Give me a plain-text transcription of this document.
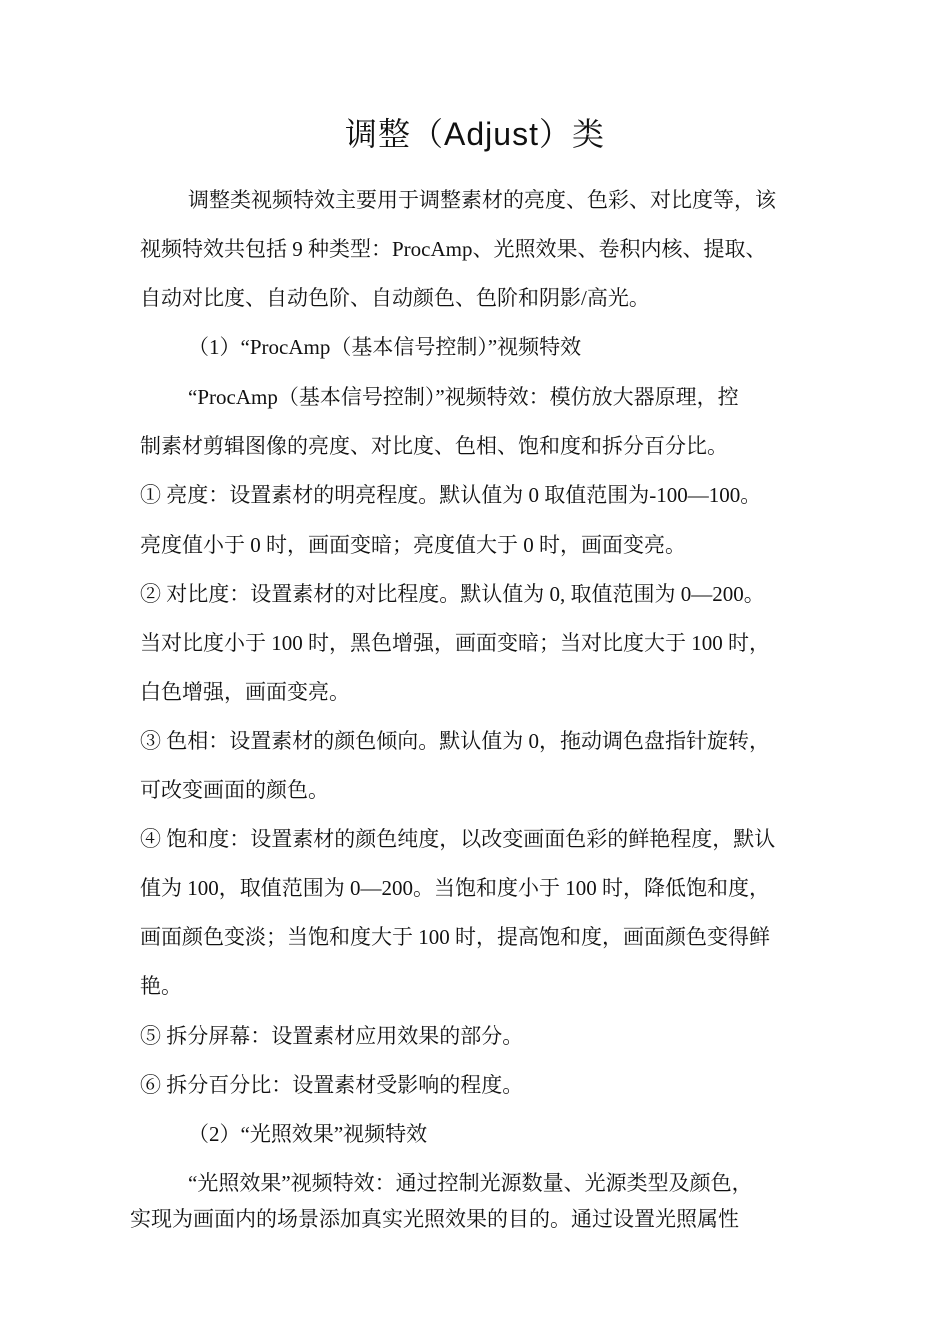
调整（Adjust）类
调整类视频特效主要用于调整素材的亮度、色彩、对比度等，该
视频特效共包括 9 种类型：ProcAmp、光照效果、卷积内核、提取、
自动对比度、自动色阶、自动颜色、色阶和阴影/高光。
（1）“ProcAmp（基本信号控制）”视频特效
“ProcAmp（基本信号控制）”视频特效：模仿放大器原理，控
制素材剪辑图像的亮度、对比度、色相、饱和度和拆分百分比。
① 亮度：设置素材的明亮程度。默认值为 0 取值范围为-100—100。
亮度值小于 0 时，画面变暗；亮度值大于 0 时，画面变亮。
② 对比度：设置素材的对比程度。默认值为 0, 取值范围为 0—200。
当对比度小于 100 时，黑色增强，画面变暗；当对比度大于 100 时，
白色增强，画面变亮。
③ 色相：设置素材的颜色倾向。默认值为 0，拖动调色盘指针旋转，
可改变画面的颜色。
④ 饱和度：设置素材的颜色纯度，以改变画面色彩的鲜艳程度，默认
值为 100，取值范围为 0—200。当饱和度小于 100 时，降低饱和度，
画面颜色变淡；当饱和度大于 100 时，提高饱和度，画面颜色变得鲜
艳。
⑤ 拆分屏幕：设置素材应用效果的部分。
⑥ 拆分百分比：设置素材受影响的程度。
（2）“光照效果”视频特效
“光照效果”视频特效：通过控制光源数量、光源类型及颜色，
实现为画面内的场景添加真实光照效果的目的。通过设置光照属性
